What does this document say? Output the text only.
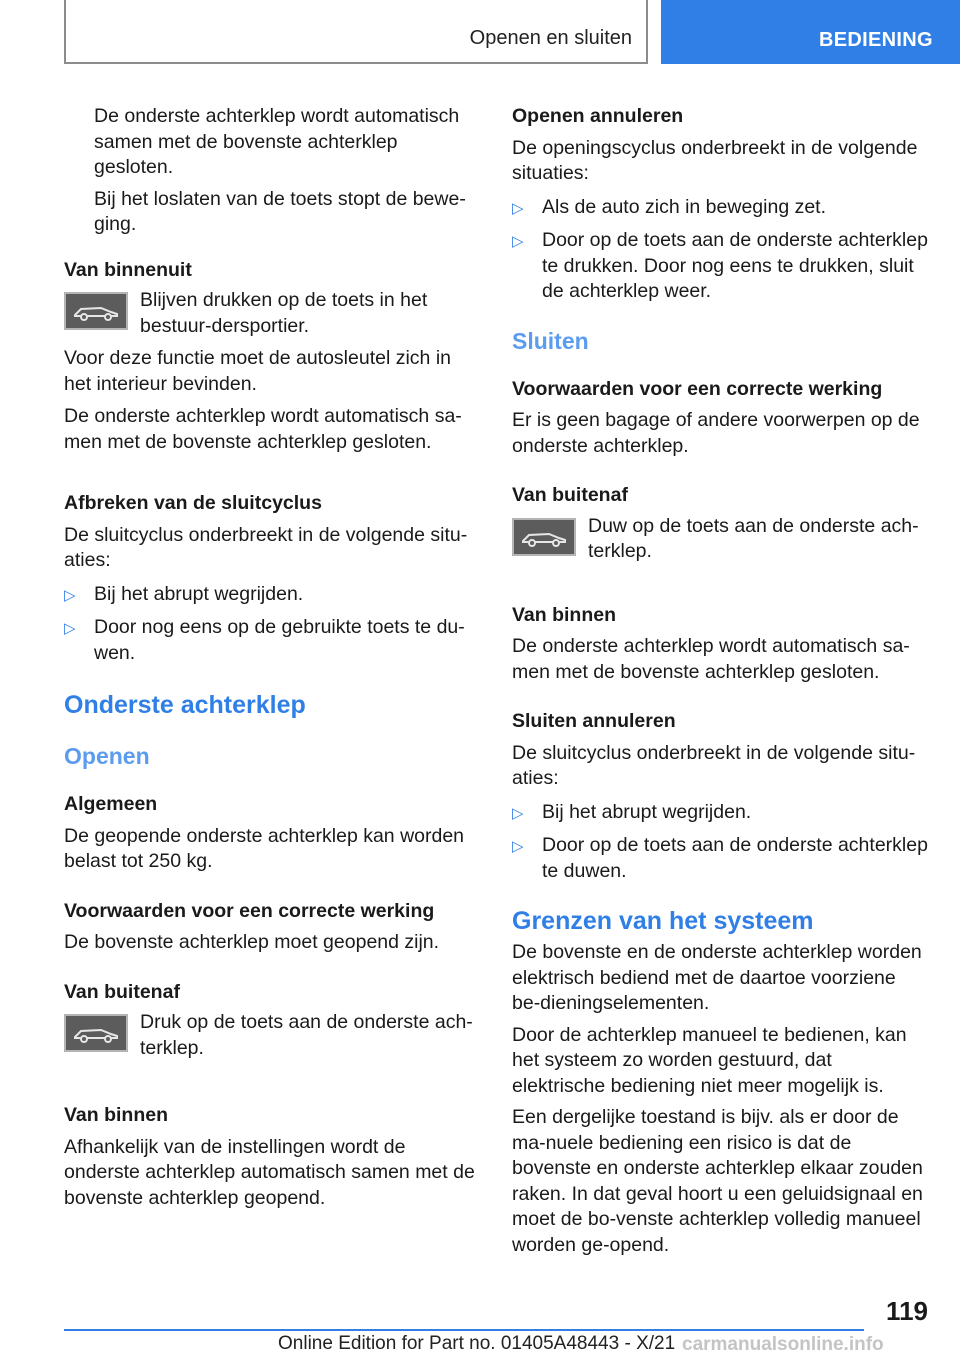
Openen en sluiten	BEDIENING

De onderste achterklep wordt automatisch samen met de bovenste achterklep gesloten.

Bij het loslaten van de toets stopt de bewe-ging.

Van binnenuit

Blijven drukken op de toets in het bestuur-dersportier.

Voor deze functie moet de autosleutel zich in het interieur bevinden.

De onderste achterklep wordt automatisch sa-men met de bovenste achterklep gesloten.

Afbreken van de sluitcyclus

De sluitcyclus onderbreekt in de volgende situ-aties:

▷ Bij het abrupt wegrijden.
▷ Door nog eens op de gebruikte toets te du-wen.
Onderste achterklep
Openen
Algemeen

De geopende onderste achterklep kan worden belast tot 250 kg.

Voorwaarden voor een correcte werking

De bovenste achterklep moet geopend zijn.

Van buitenaf

Druk op de toets aan de onderste ach-terklep.

Van binnen

Afhankelijk van de instellingen wordt de onderste achterklep automatisch samen met de bovenste achterklep geopend.

Openen annuleren

De openingscyclus onderbreekt in de volgende situaties:

▷ Als de auto zich in beweging zet.
▷ Door op de toets aan de onderste achterklep te drukken. Door nog eens te drukken, sluit de achterklep weer.
Sluiten
Voorwaarden voor een correcte werking

Er is geen bagage of andere voorwerpen op de onderste achterklep.

Van buitenaf

Duw op de toets aan de onderste ach-terklep.

Van binnen

De onderste achterklep wordt automatisch sa-men met de bovenste achterklep gesloten.

Sluiten annuleren

De sluitcyclus onderbreekt in de volgende situ-aties:

▷ Bij het abrupt wegrijden.
▷ Door op de toets aan de onderste achterklep te duwen.
Grenzen van het systeem

De bovenste en de onderste achterklep worden elektrisch bediend met de daartoe voorziene be-dieningselementen.

Door de achterklep manueel te bedienen, kan het systeem zo worden gestuurd, dat elektrische bediening niet meer mogelijk is.

Een dergelijke toestand is bijv. als er door de ma-nuele bediening een risico is dat de bovenste en onderste achterklep elkaar zouden raken. In dat geval hoort u een geluidsignaal en moet de bo-venste achterklep volledig manueel worden ge-opend.

119
Online Edition for Part no. 01405A48443 - X/21 carmanualsonline.info
